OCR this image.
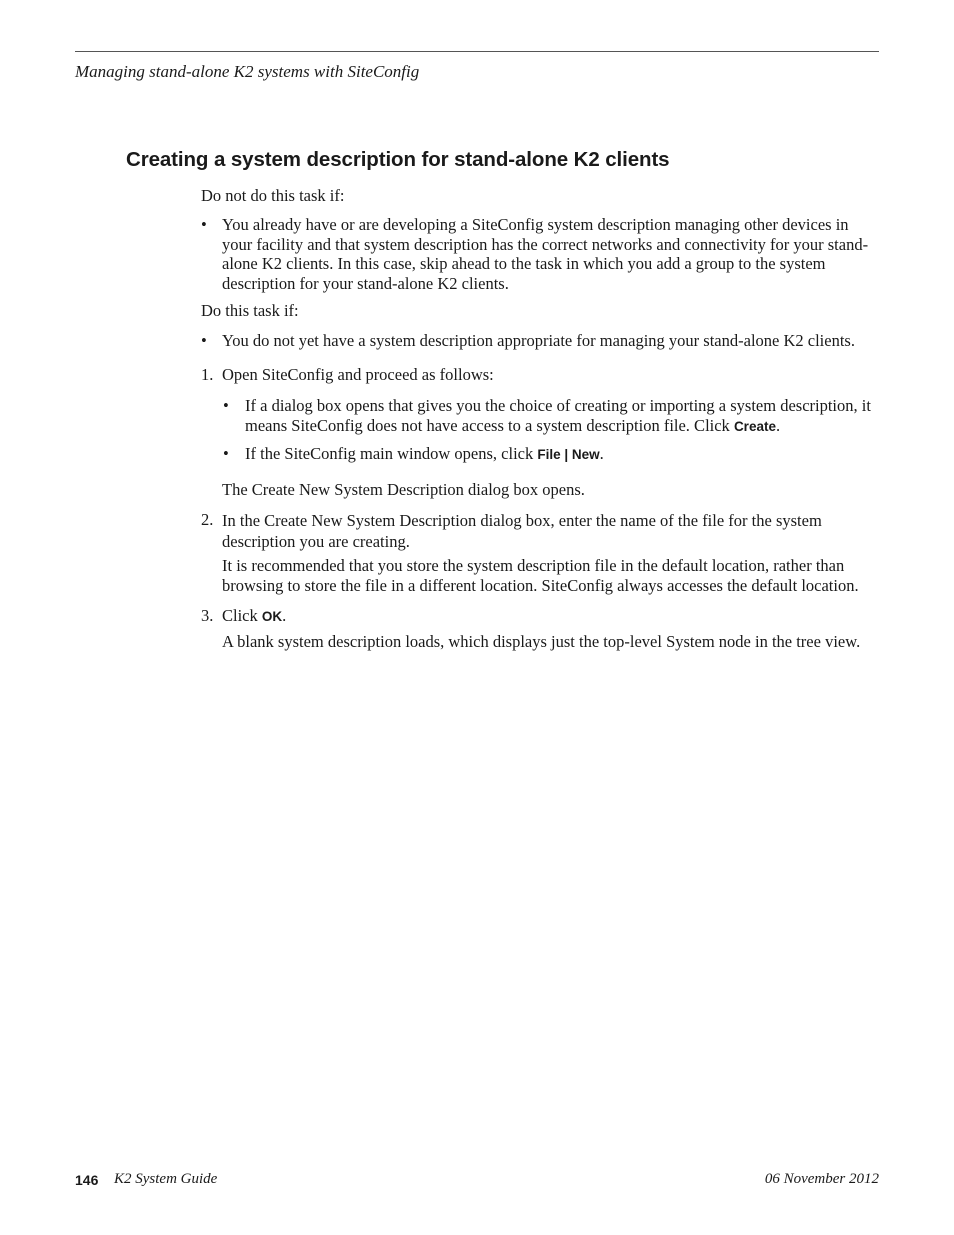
Managing stand-alone K2 systems with SiteConfig
Creating a system description for stand-alone K2 clients

Do not do this task if:

• You already have or are developing a SiteConfig system description managing other devices in your facility and that system description has the correct networks and connectivity for your stand-alone K2 clients. In this case, skip ahead to the task in which you add a group to the system description for your stand-alone K2 clients.

Do this task if:

• You do not yet have a system description appropriate for managing your stand-alone K2 clients.

1. Open SiteConfig and proceed as follows:

• If a dialog box opens that gives you the choice of creating or importing a system description, it means SiteConfig does not have access to a system description file. Click Create.

• If the SiteConfig main window opens, click File | New.

The Create New System Description dialog box opens.

2. In the Create New System Description dialog box, enter the name of the file for the system description you are creating.

It is recommended that you store the system description file in the default location, rather than browsing to store the file in a different location. SiteConfig always accesses the default location.

3. Click OK.

A blank system description loads, which displays just the top-level System node in the tree view.

146 K2 System Guide	06 November 2012
